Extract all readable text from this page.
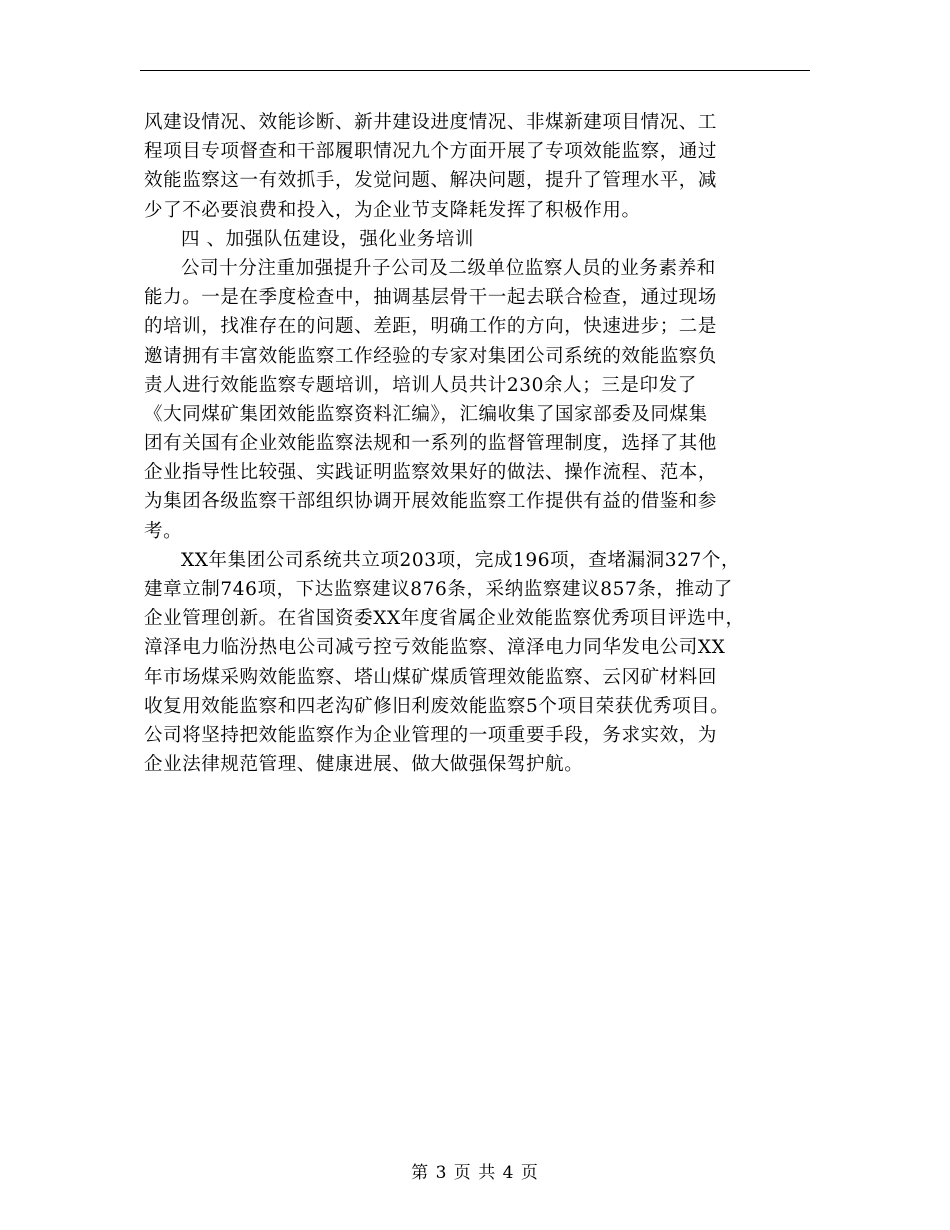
风建设情况、效能诊断、新井建设进度情况、非煤新建项目情况、工
程项目专项督查和干部履职情况九个方面开展了专项效能监察，通过
效能监察这一有效抓手，发觉问题、解决问题，提升了管理水平，减
少了不必要浪费和投入，为企业节支降耗发挥了积极作用。
四 、加强队伍建设，强化业务培训
公司十分注重加强提升子公司及二级单位监察人员的业务素养和
能力。一是在季度检查中，抽调基层骨干一起去联合检查，通过现场
的培训，找准存在的问题、差距，明确工作的方向，快速进步；二是
邀请拥有丰富效能监察工作经验的专家对集团公司系统的效能监察负
责人进行效能监察专题培训，培训人员共计230余人；三是印发了
《大同煤矿集团效能监察资料汇编》，汇编收集了国家部委及同煤集
团有关国有企业效能监察法规和一系列的监督管理制度，选择了其他
企业指导性比较强、实践证明监察效果好的做法、操作流程、范本，
为集团各级监察干部组织协调开展效能监察工作提供有益的借鉴和参
考。
XX年集团公司系统共立项203项，完成196项，查堵漏洞327个，
建章立制746项，下达监察建议876条，采纳监察建议857条，推动了
企业管理创新。在省国资委XX年度省属企业效能监察优秀项目评选中，
漳泽电力临汾热电公司减亏控亏效能监察、漳泽电力同华发电公司XX
年市场煤采购效能监察、塔山煤矿煤质管理效能监察、云冈矿材料回
收复用效能监察和四老沟矿修旧利废效能监察5个项目荣获优秀项目。
公司将坚持把效能监察作为企业管理的一项重要手段，务求实效，为
企业法律规范管理、健康进展、做大做强保驾护航。
第 3 页 共 4 页
